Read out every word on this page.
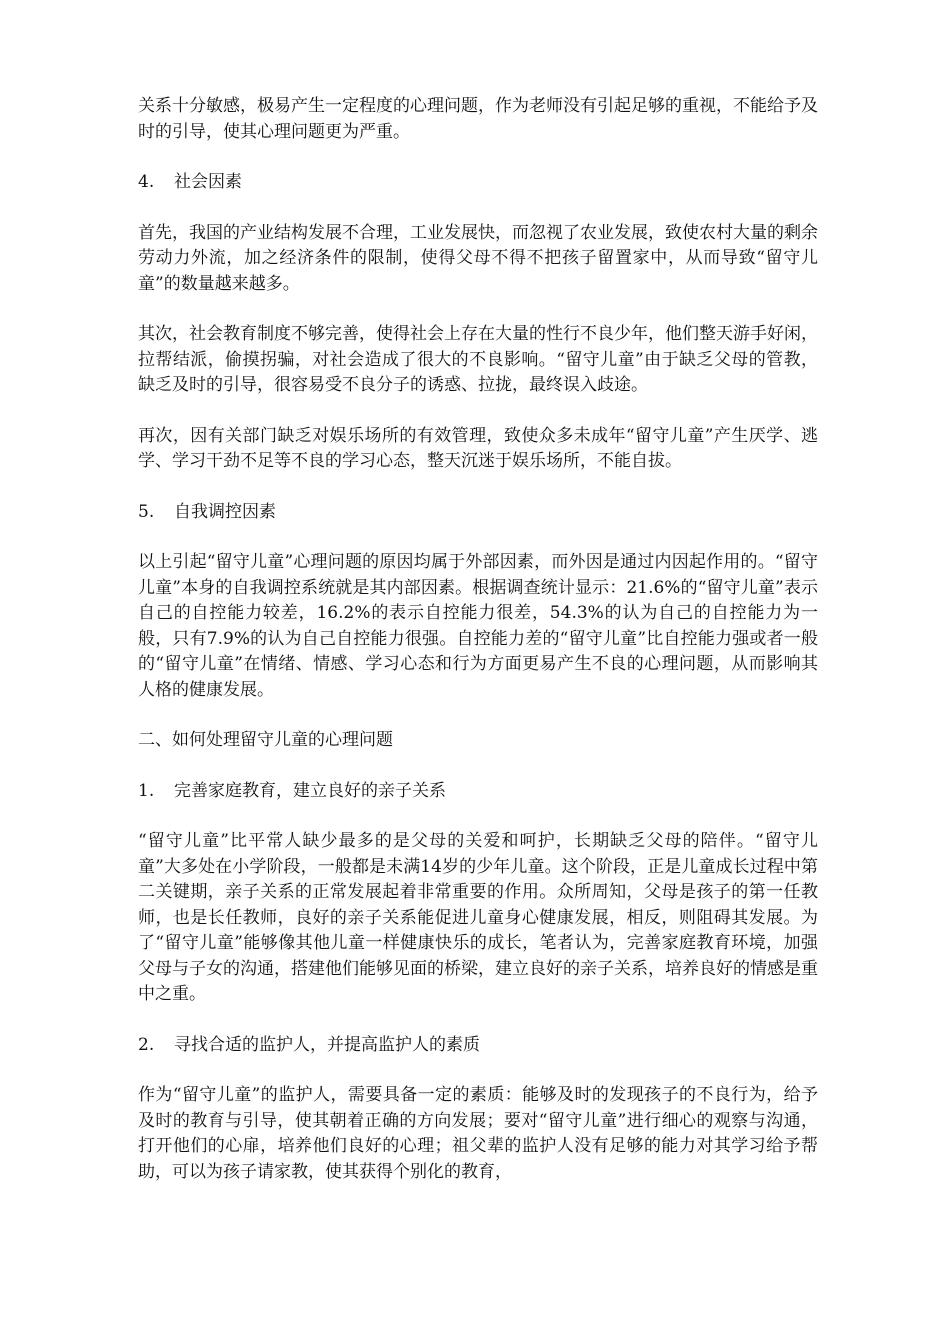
关系十分敏感，极易产生一定程度的心理问题，作为老师没有引起足够的重视，不能给予及时的引导，使其心理问题更为严重。

4. 社会因素

首先，我国的产业结构发展不合理，工业发展快，而忽视了农业发展，致使农村大量的剩余劳动力外流，加之经济条件的限制，使得父母不得不把孩子留置家中，从而导致“留守儿童”的数量越来越多。

其次，社会教育制度不够完善，使得社会上存在大量的性行不良少年，他们整天游手好闲，拉帮结派，偷摸拐骗，对社会造成了很大的不良影响。“留守儿童”由于缺乏父母的管教，缺乏及时的引导，很容易受不良分子的诱惑、拉拢，最终误入歧途。

再次，因有关部门缺乏对娱乐场所的有效管理，致使众多未成年“留守儿童”产生厌学、逃学、学习干劲不足等不良的学习心态，整天沉迷于娱乐场所，不能自拔。

5. 自我调控因素

以上引起“留守儿童”心理问题的原因均属于外部因素，而外因是通过内因起作用的。“留守儿童”本身的自我调控系统就是其内部因素。根据调查统计显示：21.6%的“留守儿童”表示自己的自控能力较差，16.2%的表示自控能力很差，54.3%的认为自己的自控能力为一般，只有7.9%的认为自己自控能力很强。自控能力差的“留守儿童”比自控能力强或者一般的“留守儿童”在情绪、情感、学习心态和行为方面更易产生不良的心理问题，从而影响其人格的健康发展。

二、如何处理留守儿童的心理问题
1. 完善家庭教育，建立良好的亲子关系

“留守儿童”比平常人缺少最多的是父母的关爱和呵护，长期缺乏父母的陪伴。“留守儿童”大多处在小学阶段，一般都是未满14岁的少年儿童。这个阶段，正是儿童成长过程中第二关键期，亲子关系的正常发展起着非常重要的作用。众所周知，父母是孩子的第一任教师，也是长任教师，良好的亲子关系能促进儿童身心健康发展，相反，则阻碍其发展。为了“留守儿童”能够像其他儿童一样健康快乐的成长，笔者认为，完善家庭教育环境，加强父母与子女的沟通，搭建他们能够见面的桥梁，建立良好的亲子关系，培养良好的情感是重中之重。

2. 寻找合适的监护人，并提高监护人的素质

作为“留守儿童”的监护人，需要具备一定的素质：能够及时的发现孩子的不良行为，给予及时的教育与引导，使其朝着正确的方向发展；要对“留守儿童”进行细心的观察与沟通，打开他们的心扉，培养他们良好的心理；祖父辈的监护人没有足够的能力对其学习给予帮助，可以为孩子请家教，使其获得个别化的教育，
